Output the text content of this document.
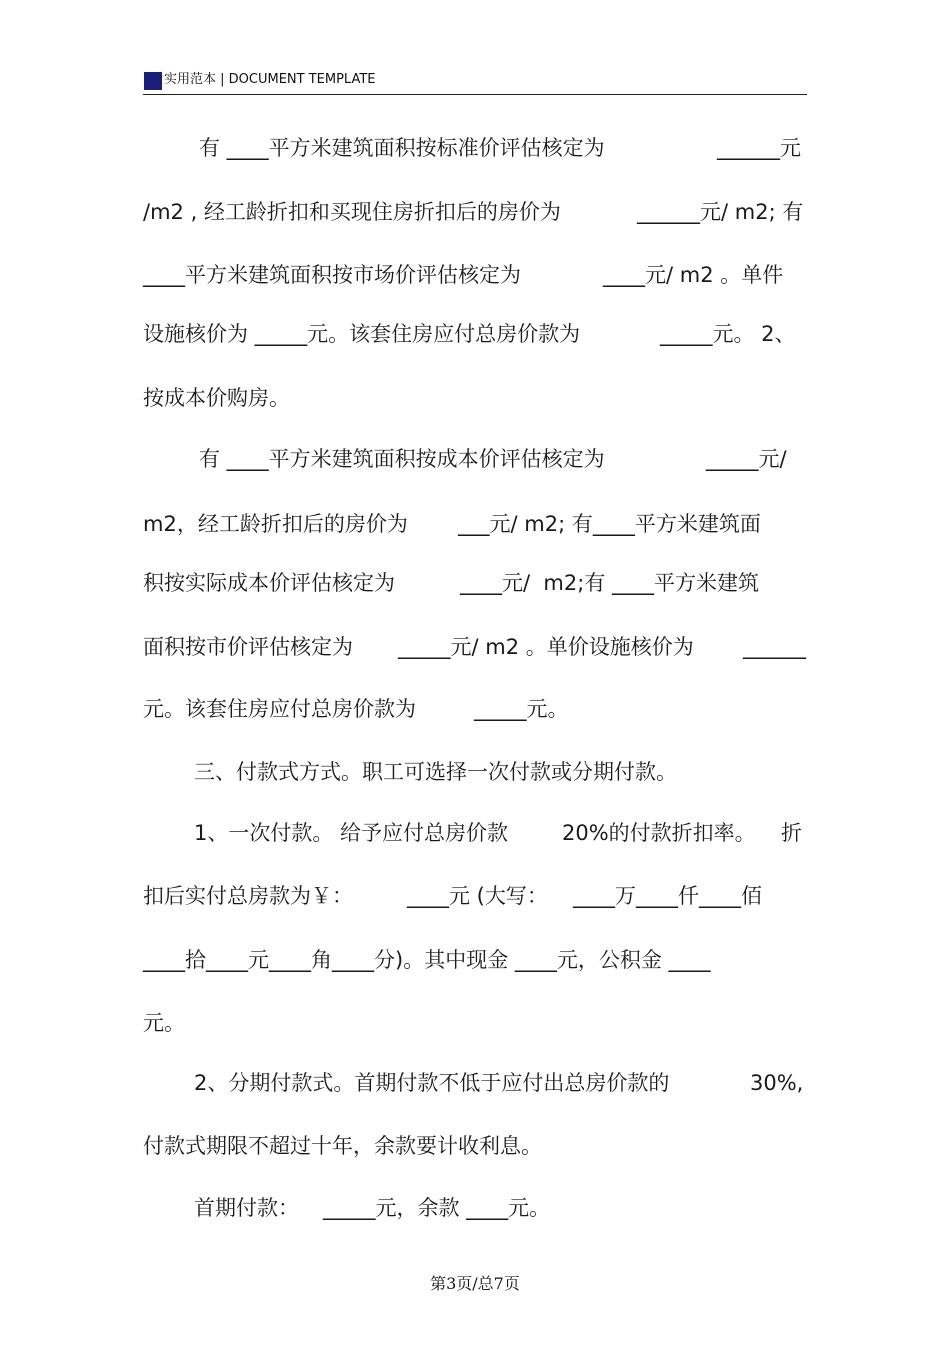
实用范本 | DOCUMENT TEMPLATE

有 ____平方米建筑面积按标准价评估核定为

	______元

/m2 , 经工龄折扣和买现住房折扣后的房价为

	______元/ m2; 有

____平方米建筑面积按市场价评估核定为

	____元/ m2 。单件

设施核价为 _____元。该套住房应付总房价款为

	_____元。 2、

按成本价购房。

有 ____平方米建筑面积按成本价评估核定为

	_____元/

m2，经工龄折扣后的房价为

___元/ m2; 有____平方米建筑面

积按实际成本价评估核定为

	____元/  m2;有 ____平方米建筑

面积按市价评估核定为

_____元/ m2 。单价设施核价为

______

元。该套住房应付总房价款为

	_____元。

三、付款式方式。职工可选择一次付款或分期付款。

1、一次付款。 给予应付总房价款

	20%的付款折扣率。

折

扣后实付总房款为￥：

	____元 (大写：

____万____仟____佰

____拾____元____角____分)。其中现金 ____元，公积金 ____

元。

2、分期付款式。首期付款不低于应付出总房价款的

	30%,

付款式期限不超过十年，余款要计收利息。

首期付款：

_____元，余款 ____元。

第3页/总7页
